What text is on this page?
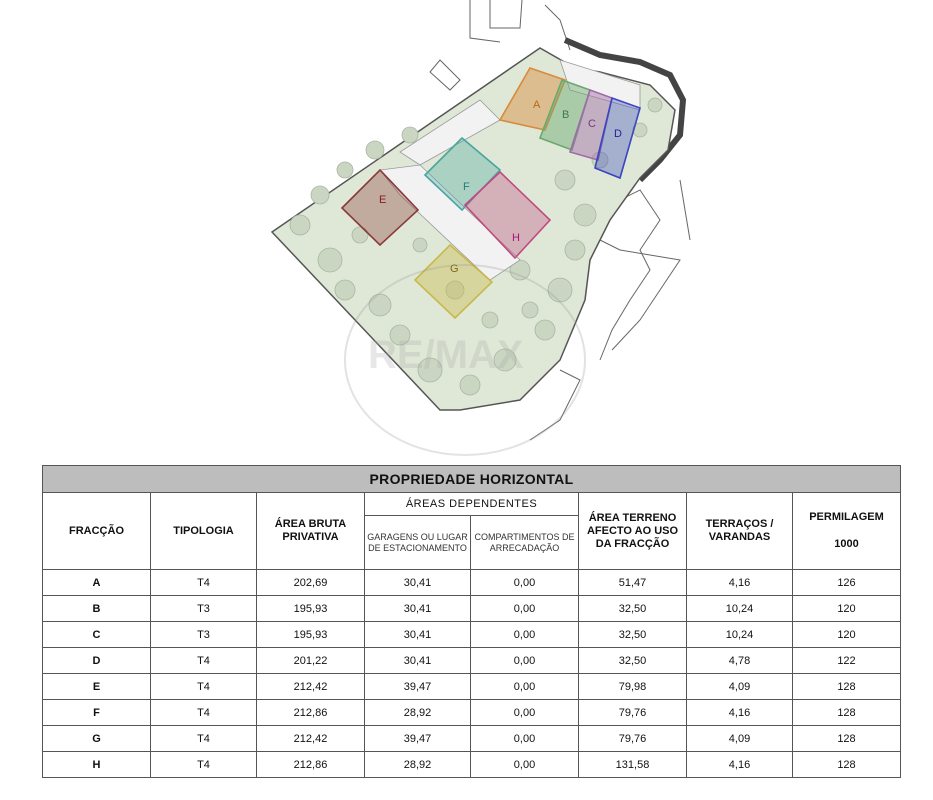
A
B
C
D
E
F
G
H
RE/MAX
PROPRIEDADE HORIZONTAL							
FRACÇÃO	TIPOLOGIA	ÁREA BRUTA PRIVATIVA	ÁREAS DEPENDENTES		ÁREA TERRENO AFECTO AO USO DA FRACÇÃO	TERRAÇOS / VARANDAS	PERMILAGEM
1000

			GARAGENS OU LUGAR DE ESTACIONAMENTO	COMPARTIMENTOS DE ARRECADAÇÃO			
A	T4	202,69	30,41	0,00	51,47	4,16	126
B	T3	195,93	30,41	0,00	32,50	10,24	120
C	T3	195,93	30,41	0,00	32,50	10,24	120
D	T4	201,22	30,41	0,00	32,50	4,78	122
E	T4	212,42	39,47	0,00	79,98	4,09	128
F	T4	212,86	28,92	0,00	79,76	4,16	128
G	T4	212,42	39,47	0,00	79,76	4,09	128
H	T4	212,86	28,92	0,00	131,58	4,16	128
